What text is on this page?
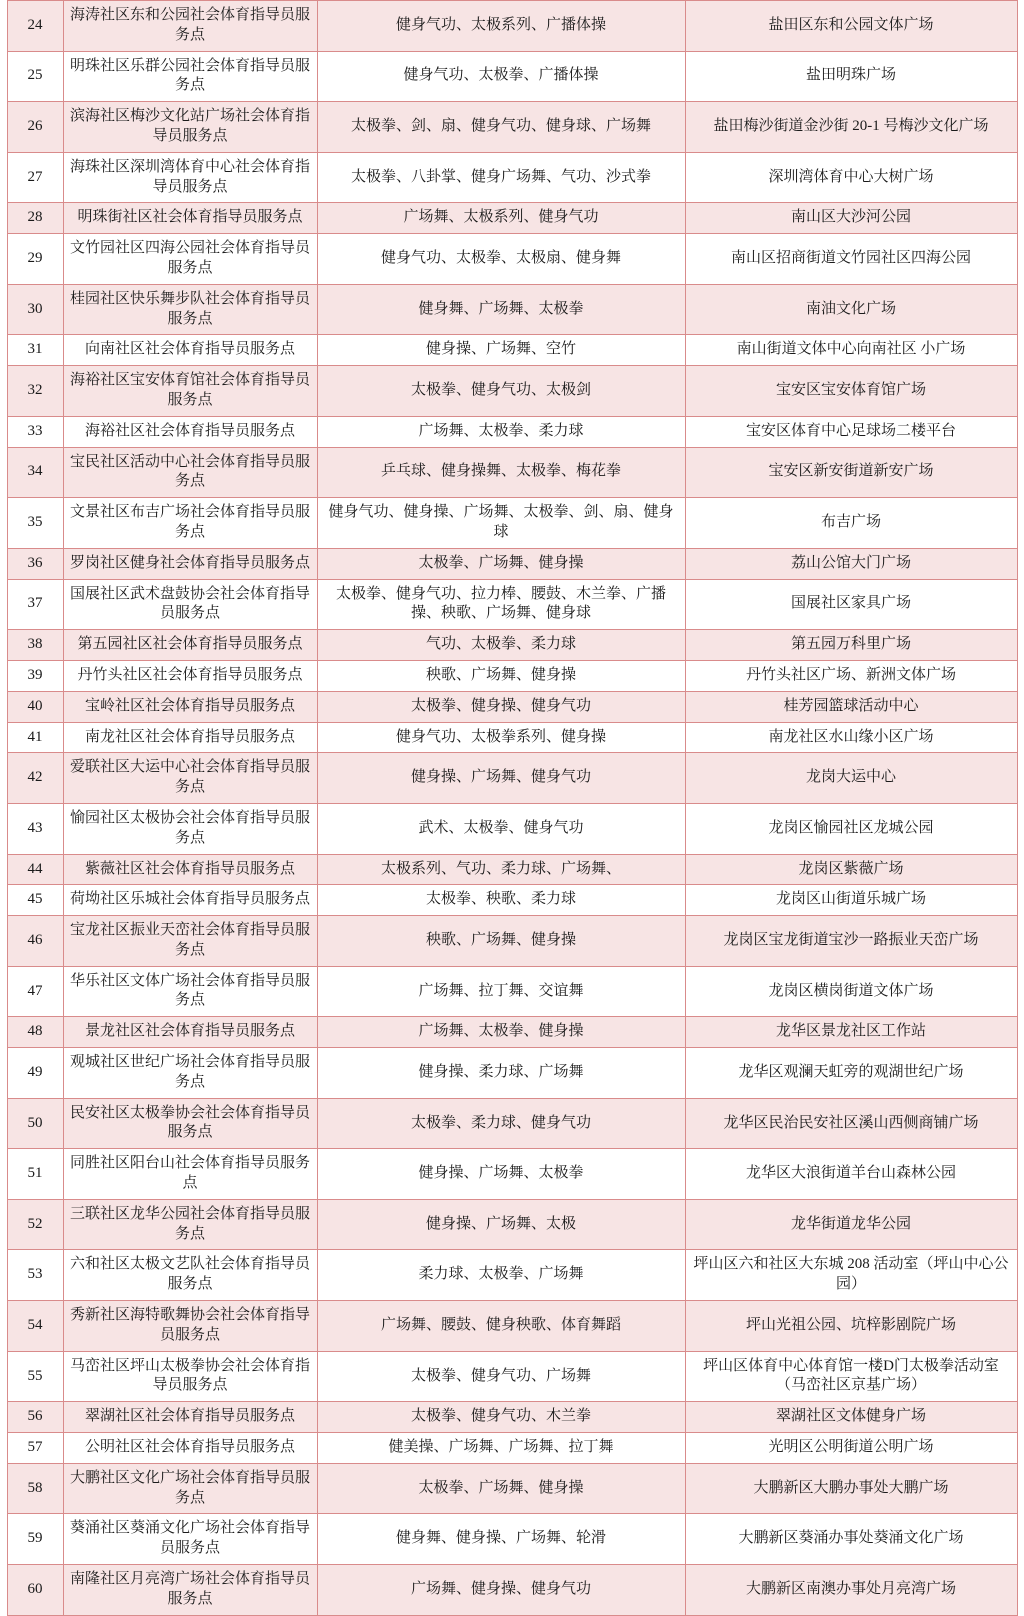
24	海涛社区东和公园社会体育指导员服务点	健身气功、太极系列、广播体操	盐田区东和公园文体广场
25	明珠社区乐群公园社会体育指导员服务点	健身气功、太极拳、广播体操	盐田明珠广场
26	滨海社区梅沙文化站广场社会体育指导员服务点	太极拳、剑、扇、健身气功、健身球、广场舞	盐田梅沙街道金沙街 20-1 号梅沙文化广场
27	海珠社区深圳湾体育中心社会体育指导员服务点	太极拳、八卦掌、健身广场舞、气功、沙式拳	深圳湾体育中心大树广场
28	明珠街社区社会体育指导员服务点	广场舞、太极系列、健身气功	南山区大沙河公园
29	文竹园社区四海公园社会体育指导员服务点	健身气功、太极拳、太极扇、健身舞	南山区招商街道文竹园社区四海公园
30	桂园社区快乐舞步队社会体育指导员服务点	健身舞、广场舞、太极拳	南油文化广场
31	向南社区社会体育指导员服务点	健身操、广场舞、空竹	南山街道文体中心向南社区 小广场
32	海裕社区宝安体育馆社会体育指导员服务点	太极拳、健身气功、太极剑	宝安区宝安体育馆广场
33	海裕社区社会体育指导员服务点	广场舞、太极拳、柔力球	宝安区体育中心足球场二楼平台
34	宝民社区活动中心社会体育指导员服务点	乒乓球、健身操舞、太极拳、梅花拳	宝安区新安街道新安广场
35	文景社区布吉广场社会体育指导员服务点	健身气功、健身操、广场舞、太极拳、剑、扇、健身球	布吉广场
36	罗岗社区健身社会体育指导员服务点	太极拳、广场舞、健身操	荔山公馆大门广场
37	国展社区武术盘鼓协会社会体育指导员服务点	太极拳、健身气功、拉力棒、腰鼓、木兰拳、广播操、秧歌、广场舞、健身球	国展社区家具广场
38	第五园社区社会体育指导员服务点	气功、太极拳、柔力球	第五园万科里广场
39	丹竹头社区社会体育指导员服务点	秧歌、广场舞、健身操	丹竹头社区广场、新洲文体广场
40	宝岭社区社会体育指导员服务点	太极拳、健身操、健身气功	桂芳园篮球活动中心
41	南龙社区社会体育指导员服务点	健身气功、太极拳系列、健身操	南龙社区水山缘小区广场
42	爱联社区大运中心社会体育指导员服务点	健身操、广场舞、健身气功	龙岗大运中心
43	愉园社区太极协会社会体育指导员服务点	武术、太极拳、健身气功	龙岗区愉园社区龙城公园
44	紫薇社区社会体育指导员服务点	太极系列、气功、柔力球、广场舞、	龙岗区紫薇广场
45	荷坳社区乐城社会体育指导员服务点	太极拳、秧歌、柔力球	龙岗区山街道乐城广场
46	宝龙社区振业天峦社会体育指导员服务点	秧歌、广场舞、健身操	龙岗区宝龙街道宝沙一路振业天峦广场
47	华乐社区文体广场社会体育指导员服务点	广场舞、拉丁舞、交谊舞	龙岗区横岗街道文体广场
48	景龙社区社会体育指导员服务点	广场舞、太极拳、健身操	龙华区景龙社区工作站
49	观城社区世纪广场社会体育指导员服务点	健身操、柔力球、广场舞	龙华区观澜天虹旁的观湖世纪广场
50	民安社区太极拳协会社会体育指导员服务点	太极拳、柔力球、健身气功	龙华区民治民安社区溪山西侧商铺广场
51	同胜社区阳台山社会体育指导员服务点	健身操、广场舞、太极拳	龙华区大浪街道羊台山森林公园
52	三联社区龙华公园社会体育指导员服务点	健身操、广场舞、太极	龙华街道龙华公园
53	六和社区太极文艺队社会体育指导员服务点	柔力球、太极拳、广场舞	坪山区六和社区大东城 208 活动室（坪山中心公园）
54	秀新社区海特歌舞协会社会体育指导员服务点	广场舞、腰鼓、健身秧歌、体育舞蹈	坪山光祖公园、坑梓影剧院广场
55	马峦社区坪山太极拳协会社会体育指导员服务点	太极拳、健身气功、广场舞	坪山区体育中心体育馆一楼D门太极拳活动室（马峦社区京基广场）
56	翠湖社区社会体育指导员服务点	太极拳、健身气功、木兰拳	翠湖社区文体健身广场
57	公明社区社会体育指导员服务点	健美操、广场舞、广场舞、拉丁舞	光明区公明街道公明广场
58	大鹏社区文化广场社会体育指导员服务点	太极拳、广场舞、健身操	大鹏新区大鹏办事处大鹏广场
59	葵涌社区葵涌文化广场社会体育指导员服务点	健身舞、健身操、广场舞、轮滑	大鹏新区葵涌办事处葵涌文化广场
60	南隆社区月亮湾广场社会体育指导员服务点	广场舞、健身操、健身气功	大鹏新区南澳办事处月亮湾广场
